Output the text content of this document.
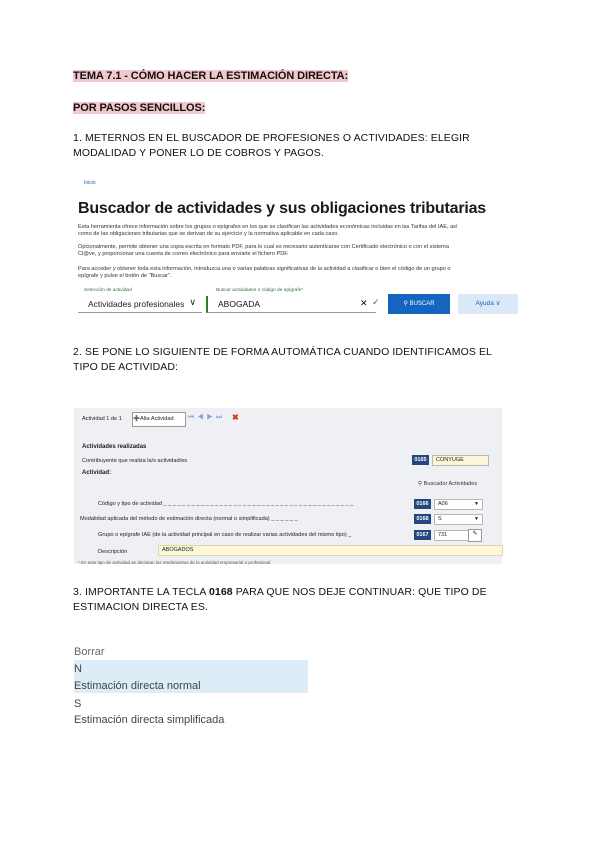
TEMA 7.1 - CÓMO HACER LA ESTIMACIÓN DIRECTA:
POR PASOS SENCILLOS:
1. METERNOS EN EL BUSCADOR DE PROFESIONES O ACTIVIDADES: ELEGIR
MODALIDAD Y PONER LO DE COBROS Y PAGOS.
Inicio
Buscador de actividades y sus obligaciones tributarias
Esta herramienta ofrece información sobre los grupos o epígrafes en los que se clasifican las actividades económicas incluidas en las Tarifas del IAE, así
como de las obligaciones tributarias que se derivan de su ejercicio y la normativa aplicable en cada caso.
Opcionalmente, permite obtener una copia escrita en formato PDF, para lo cual es necesario autenticarse con Certificado electrónico o con el sistema
Cl@ve, y proporcionar una cuenta de correo electrónico para enviarle el fichero PDF.
Para acceder y obtener toda esta información, introduzca una o varias palabras significativas de la actividad a clasificar o bien el código de un grupo o
epígrafe y pulse el botón de "Buscar".
Selección de actividad
Actividades profesionales ∨
Buscar actividades o código de epígrafe*
ABOGADA	✕ ✓	⚲ BUSCAR	Ayuda ∨
2. SE PONE LO SIGUIENTE DE FORMA AUTOMÁTICA CUANDO IDENTIFICAMOS EL
TIPO DE ACTIVIDAD:
Actividad 1 de 1 ➕Alta Actividad	⏮◀▶⏭ ✖
Actividades realizadas
Contribuyente que realiza la/s actividad/es	0165	CONYUGE
Actividad:
⚲ Buscador Actividades
Código y tipo de actividad _ _ _ _ _ _ _ _ _ _ _ _ _ _ _ _ _ _ _ _ _ _ _ _ _ _ _ _ _ _ _ _ _ _ _ _ _ _ _ _ _	0166	A06	▼
Modalidad aplicada del método de estimación directa (normal o simplificada) _ _ _ _ _ _	0168	S	▼
Grupo o epígrafe IAE (de la actividad principal en caso de realizar varias actividades del mismo tipo) _	0167	731	✎
Descripción	ABOGADOS
* En este tipo de actividad se declaran los rendimientos de la actividad empresarial o profesional
3. IMPORTANTE LA TECLA 0168 PARA QUE NOS DEJE CONTINUAR: QUE TIPO DE
ESTIMACION DIRECTA ES.
Borrar
N
Estimación directa normal
S
Estimación directa simplificada
